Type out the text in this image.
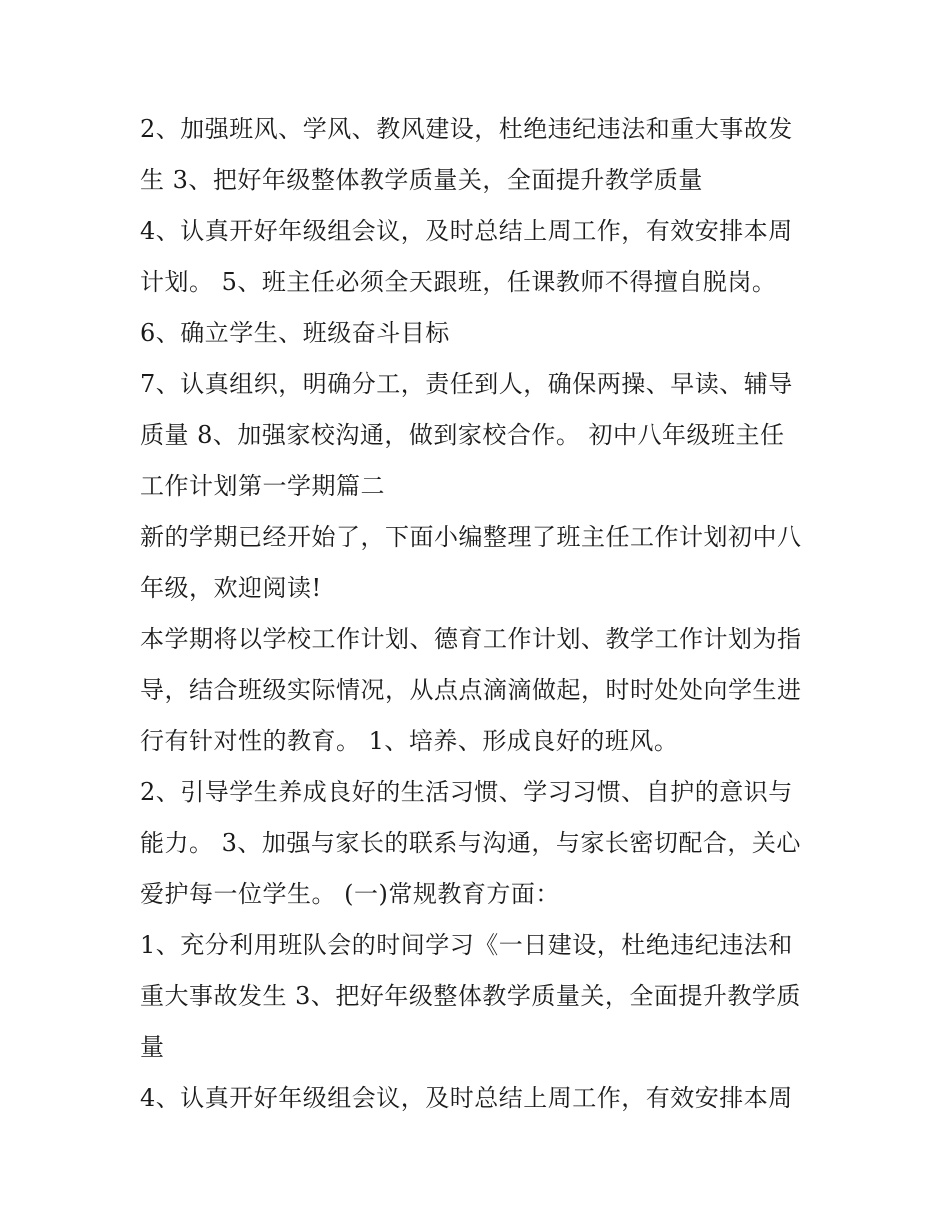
2、加强班风、学风、教风建设，杜绝违纪违法和重大事故发
生 3、把好年级整体教学质量关，全面提升教学质量
4、认真开好年级组会议，及时总结上周工作，有效安排本周
计划。 5、班主任必须全天跟班，任课教师不得擅自脱岗。
6、确立学生、班级奋斗目标
7、认真组织，明确分工，责任到人，确保两操、早读、辅导
质量 8、加强家校沟通，做到家校合作。 初中八年级班主任
工作计划第一学期篇二
新的学期已经开始了，下面小编整理了班主任工作计划初中八
年级，欢迎阅读!
本学期将以学校工作计划、德育工作计划、教学工作计划为指
导，结合班级实际情况，从点点滴滴做起，时时处处向学生进
行有针对性的教育。 1、培养、形成良好的班风。
2、引导学生养成良好的生活习惯、学习习惯、自护的意识与
能力。 3、加强与家长的联系与沟通，与家长密切配合，关心
爱护每一位学生。 (一)常规教育方面：
1、充分利用班队会的时间学习《一日建设，杜绝违纪违法和
重大事故发生 3、把好年级整体教学质量关，全面提升教学质
量
4、认真开好年级组会议，及时总结上周工作，有效安排本周
